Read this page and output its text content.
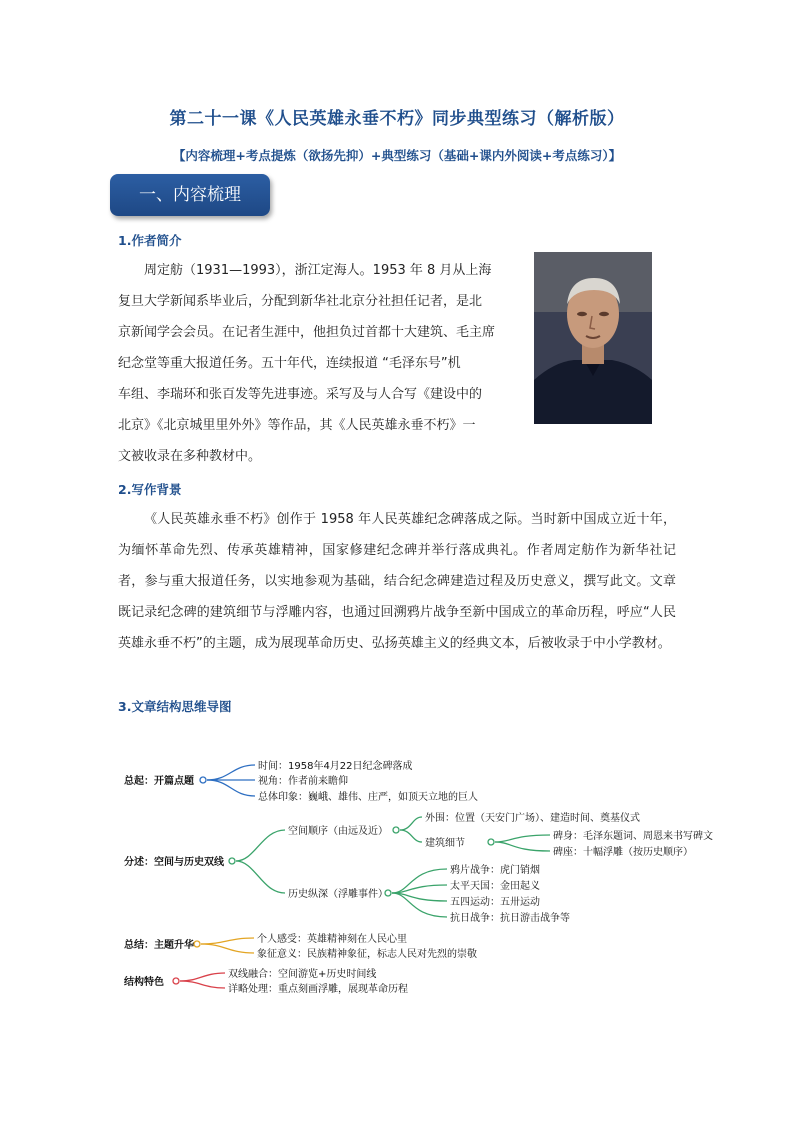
第二十一课《人民英雄永垂不朽》同步典型练习（解析版）
【内容梳理+考点提炼（欲扬先抑）+典型练习（基础+课内外阅读+考点练习）】
一、内容梳理
1.作者简介
周定舫（1931—1993），浙江定海人。1953 年 8 月从上海
复旦大学新闻系毕业后，分配到新华社北京分社担任记者，是北
京新闻学会会员。在记者生涯中，他担负过首都十大建筑、毛主席
纪念堂等重大报道任务。五十年代，连续报道 “毛泽东号”机
车组、李瑞环和张百发等先进事迹。采写及与人合写《建设中的
北京》《北京城里里外外》等作品，其《人民英雄永垂不朽》一
文被收录在多种教材中。
2.写作背景

《人民英雄永垂不朽》创作于 1958 年人民英雄纪念碑落成之际。当时新中国成立近十年，为缅怀革命先烈、传承英雄精神，国家修建纪念碑并举行落成典礼。作者周定舫作为新华社记者，参与重大报道任务，以实地参观为基础，结合纪念碑建造过程及历史意义，撰写此文。文章既记录纪念碑的建筑细节与浮雕内容，也通过回溯鸦片战争至新中国成立的革命历程，呼应“人民英雄永垂不朽”的主题，成为展现革命历史、弘扬英雄主义的经典文本，后被收录于中小学教材。

3.文章结构思维导图
总起：开篇点题
时间：1958年4月22日纪念碑落成
视角：作者前来瞻仰
总体印象：巍峨、雄伟、庄严，如顶天立地的巨人
分述：空间与历史双线
空间顺序（由远及近）
外围：位置（天安门广场）、建造时间、奠基仪式
建筑细节
碑身：毛泽东题词、周恩来书写碑文
碑座：十幅浮雕（按历史顺序）
历史纵深（浮雕事件）
鸦片战争：虎门销烟
太平天国：金田起义
五四运动：五卅运动
抗日战争：抗日游击战争等
总结：主题升华
个人感受：英雄精神刻在人民心里
象征意义：民族精神象征，标志人民对先烈的崇敬
结构特色
双线融合：空间游览+历史时间线
详略处理：重点刻画浮雕，展现革命历程
